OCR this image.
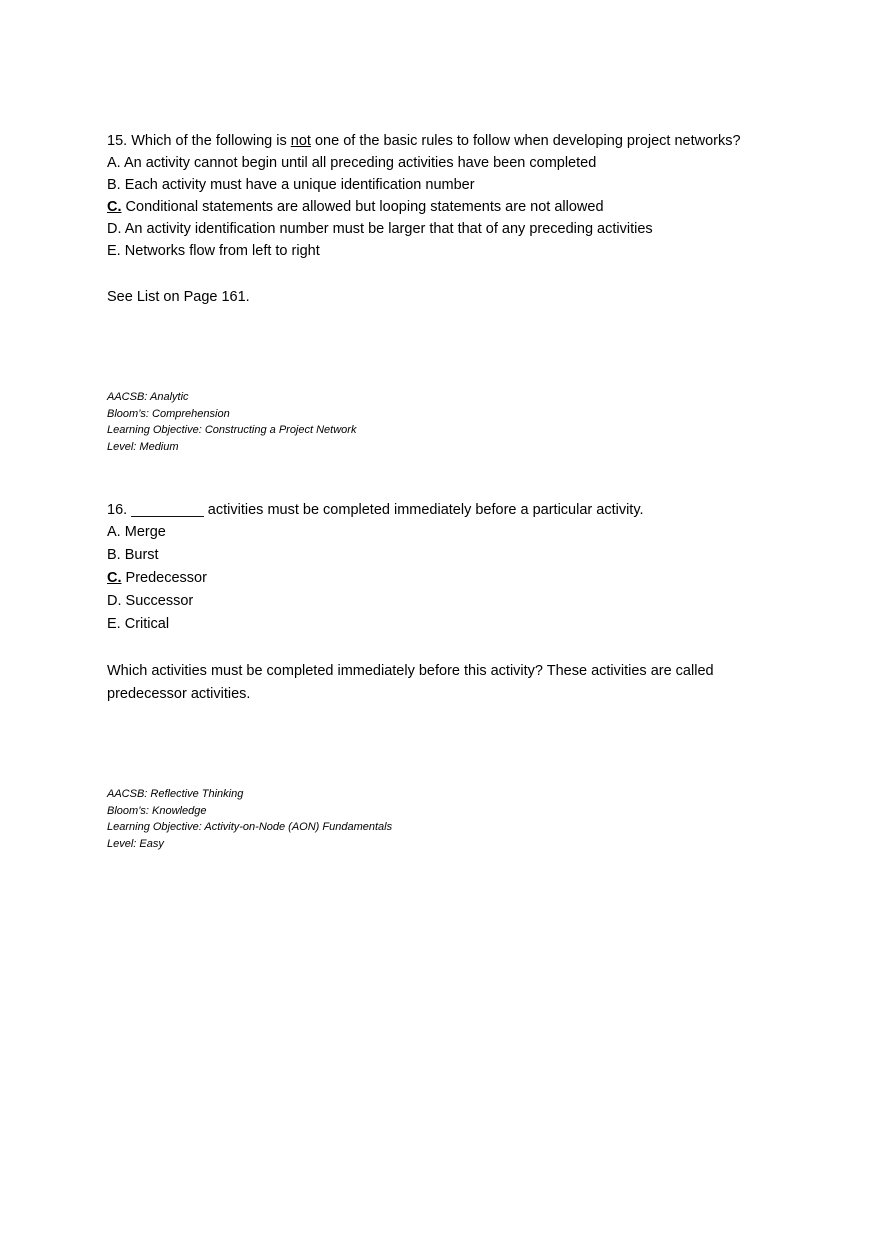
15. Which of the following is not one of the basic rules to follow when developing project networks?

A. An activity cannot begin until all preceding activities have been completed

B. Each activity must have a unique identification number

C. Conditional statements are allowed but looping statements are not allowed

D. An activity identification number must be larger that that of any preceding activities

E. Networks flow from left to right

See List on Page 161.

AACSB: Analytic

Bloom’s: Comprehension

Learning Objective: Constructing a Project Network

Level: Medium

16. _________ activities must be completed immediately before a particular activity.

A. Merge

B. Burst

C. Predecessor

D. Successor

E. Critical

Which activities must be completed immediately before this activity? These activities are called predecessor activities.

AACSB: Reflective Thinking

Bloom’s: Knowledge

Learning Objective: Activity-on-Node (AON) Fundamentals

Level: Easy
